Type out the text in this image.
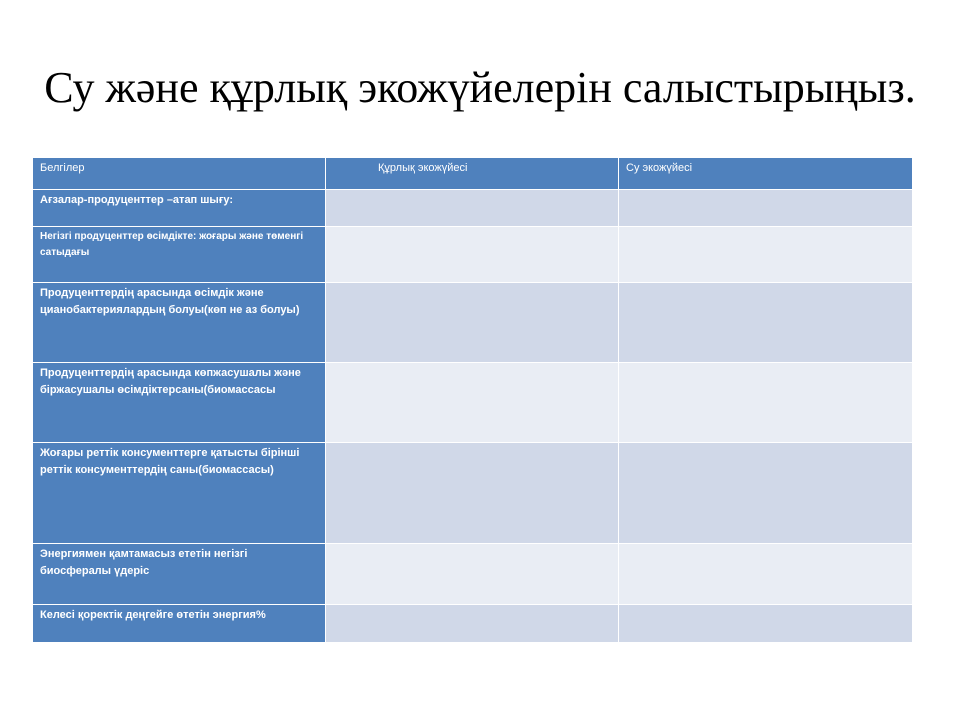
Су және құрлық экожүйелерін салыстырыңыз.
Белгілер	Құрлық экожүйесі	Су экожүйесі
Ағзалар-продуценттер –атап шығу:		
Негізгі продуценттер өсімдікте: жоғары және төменгі сатыдағы		
Продуценттердің арасында өсімдік және цианобактериялардың болуы(көп не аз болуы)		
Продуценттердің арасында көпжасушалы және біржасушалы өсімдіктерсаны(биомассасы		
Жоғары реттік консументтерге қатысты бірінші реттік консументтердің саны(биомассасы)		
Энергиямен қамтамасыз ететін негізгі биосфералы үдеріс		
Келесі қоректік деңгейге өтетін энергия%		
